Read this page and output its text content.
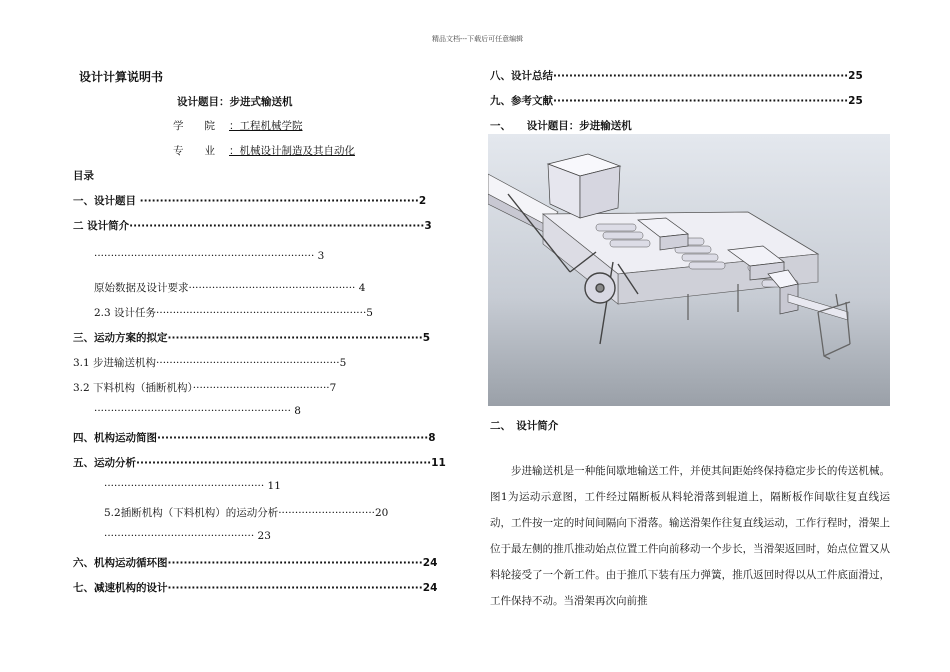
精品文档---下载后可任意编辑
设计计算说明书
设计题目：步进式输送机
学　　院 ：工程机械学院
专　　业 ：机械设计制造及其自动化
目录
一、设计题目 ······································································2
二 设计简介··········································································3
·································································· 3
原始数据及设计要求·················································· 4
2.3 设计任务·······························································5
三、运动方案的拟定································································5
3.1 步进输送机构·······················································5
3.2 下料机构（插断机构）·········································7
··························································· 8
四、机构运动简图····································································8
五、运动分析··········································································11
················································ 11
5.2插断机构（下料机构）的运动分析·····························20
············································· 23
六、机构运动循环图································································24
七、减速机构的设计································································24
八、设计总结··········································································25
九、参考文献··········································································25
一、　　设计题目：步进输送机
二、　设计简介

步进输送机是一种能间歇地输送工件，并使其间距始终保持稳定步长的传送机械。图1为运动示意图，工件经过隔断板从料轮滑落到辊道上，隔断板作间歇往复直线运动，工件按一定的时间间隔向下滑落。输送滑架作往复直线运动，工作行程时，滑架上位于最左侧的推爪推动始点位置工件向前移动一个步长，当滑架返回时，始点位置又从料轮接受了一个新工件。由于推爪下装有压力弹簧，推爪返回时得以从工件底面滑过，工件保持不动。当滑架再次向前推
